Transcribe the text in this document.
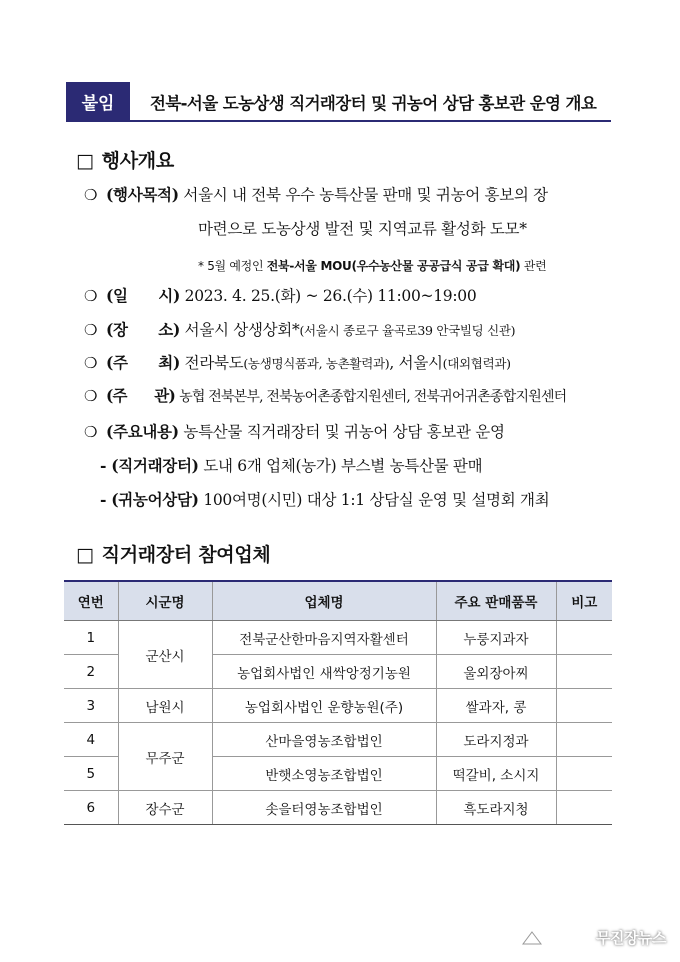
붙임	전북-서울 도농상생 직거래장터 및 귀농어 상담 홍보관 운영 개요
□ 행사개요
❍ (행사목적) 서울시 내 전북 우수 농특산물 판매 및 귀농어 홍보의 장
마련으로 도농상생 발전 및 지역교류 활성화 도모*
* 5월 예정인 전북-서울 MOU(우수농산물 공공급식 공급 확대) 관련
❍ (일      시) 2023. 4. 25.(화) ~ 26.(수) 11:00~19:00
❍ (장      소) 서울시 상생상회*(서울시 종로구 율곡로39 안국빌딩 신관)
❍ (주      최) 전라북도(농생명식품과, 농촌활력과), 서울시(대외협력과)
❍ (주      관) 농협 전북본부, 전북농어촌종합지원센터, 전북귀어귀촌종합지원센터
❍ (주요내용) 농특산물 직거래장터 및 귀농어 상담 홍보관 운영
- (직거래장터) 도내 6개 업체(농가) 부스별 농특산물 판매
- (귀농어상담) 100여명(시민) 대상 1:1 상담실 운영 및 설명회 개최
□ 직거래장터 참여업체
연번	시군명	업체명	주요 판매품목	비고
1	군산시	전북군산한마음지역자활센터	누룽지과자	
2		농업회사법인 새싹앙정기농원	울외장아찌	
3	남원시	농업회사법인 운향농원(주)	쌀과자, 콩	
4	무주군	산마을영농조합법인	도라지정과	
5		반햇소영농조합법인	떡갈비, 소시지	
6	장수군	솟을터영농조합법인	흑도라지청	
무진장뉴스
